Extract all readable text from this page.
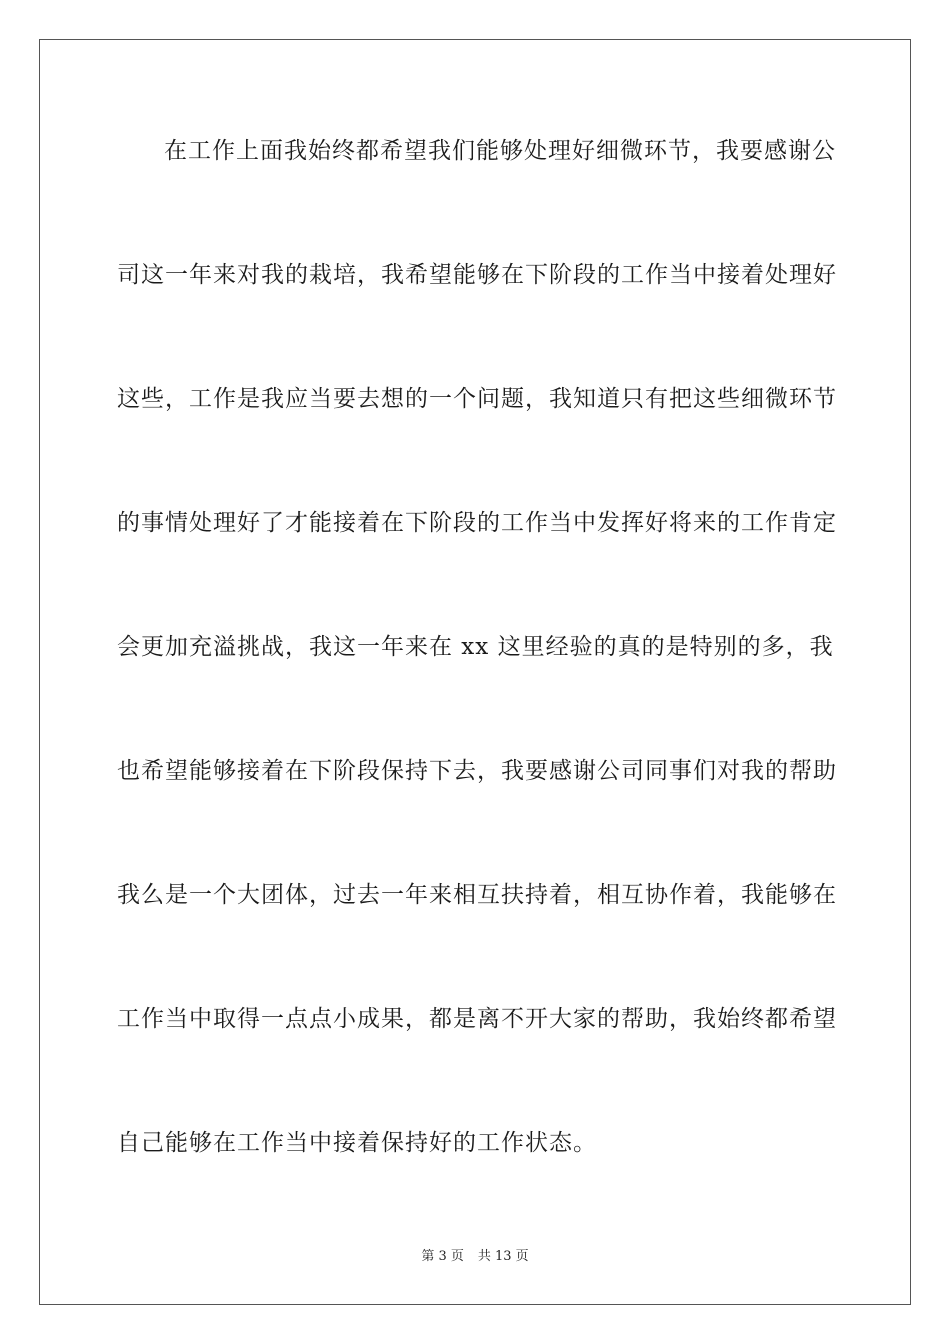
在工作上面我始终都希望我们能够处理好细微环节，我要感谢公
司这一年来对我的栽培，我希望能够在下阶段的工作当中接着处理好
这些，工作是我应当要去想的一个问题，我知道只有把这些细微环节
的事情处理好了才能接着在下阶段的工作当中发挥好将来的工作肯定
会更加充溢挑战，我这一年来在 xx 这里经验的真的是特别的多，我
也希望能够接着在下阶段保持下去，我要感谢公司同事们对我的帮助
我么是一个大团体，过去一年来相互扶持着，相互协作着，我能够在
工作当中取得一点点小成果，都是离不开大家的帮助，我始终都希望
自己能够在工作当中接着保持好的工作状态。
第 3 页 共 13 页
